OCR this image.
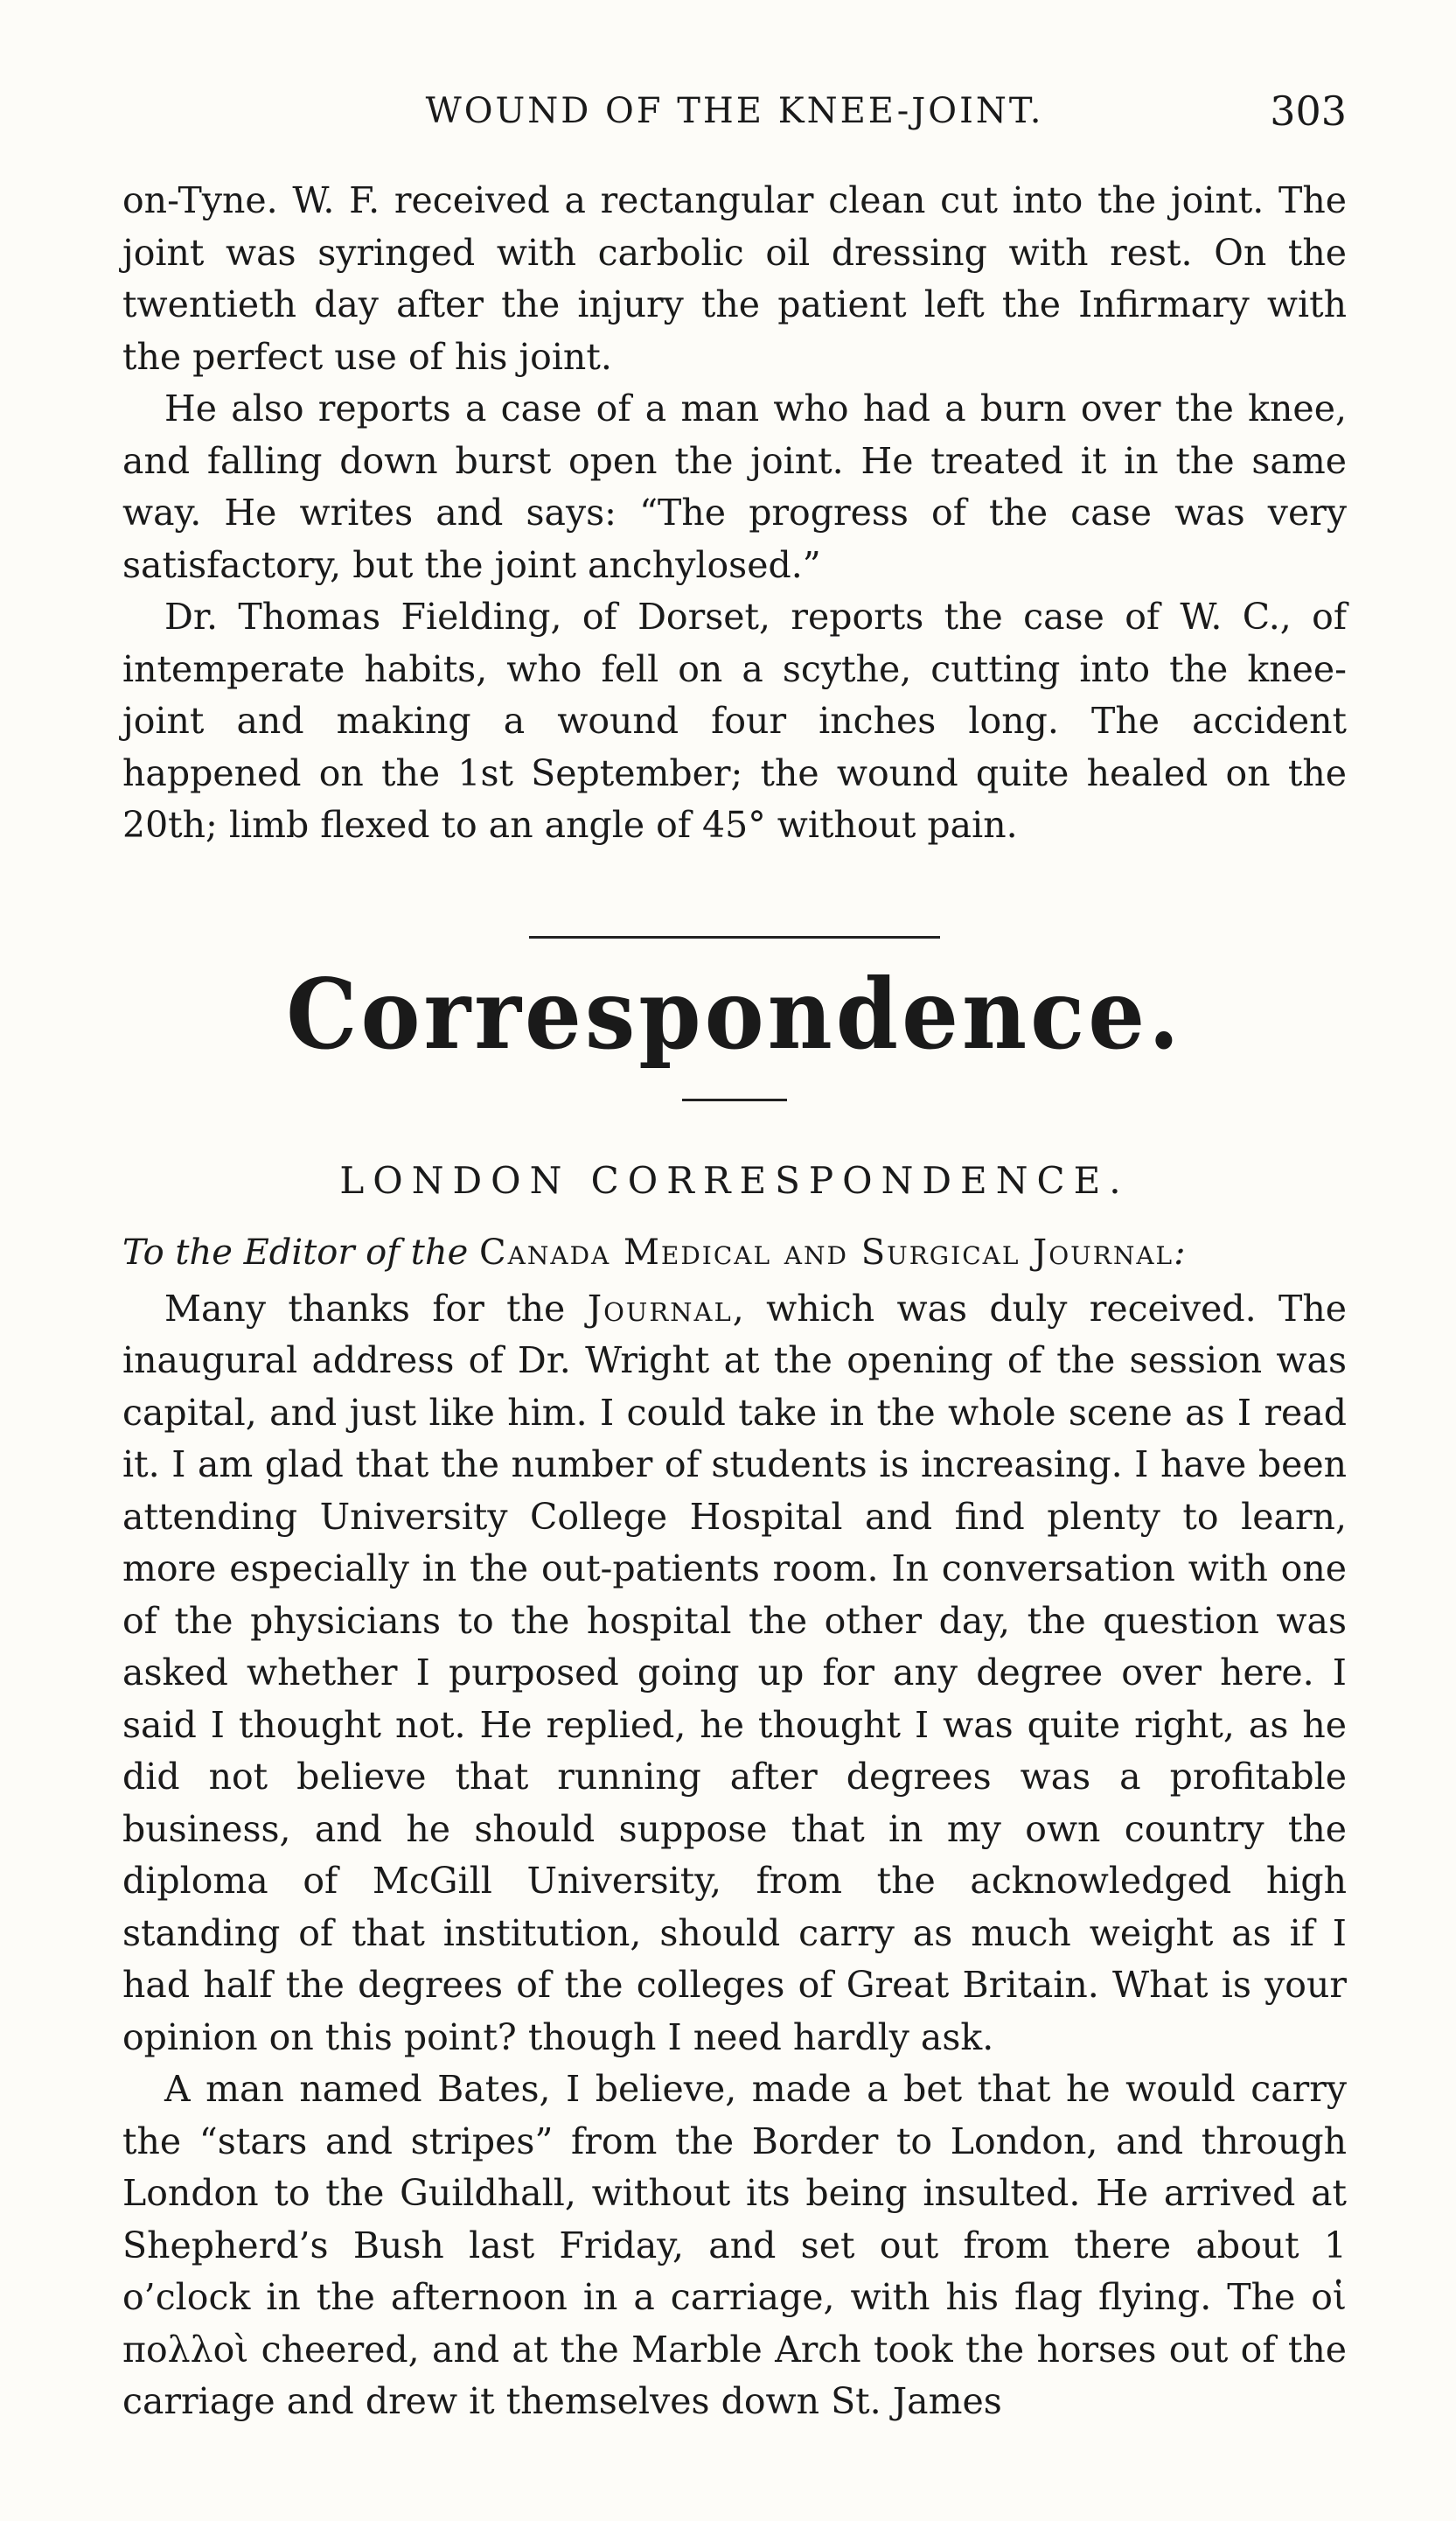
WOUND OF THE KNEE-JOINT.	303

on-Tyne. W. F. received a rectangular clean cut into the joint. The joint was syringed with carbolic oil dressing with rest. On the twentieth day after the injury the patient left the Infirmary with the perfect use of his joint.

He also reports a case of a man who had a burn over the knee, and falling down burst open the joint. He treated it in the same way. He writes and says: “The progress of the case was very satisfactory, but the joint anchylosed.”

Dr. Thomas Fielding, of Dorset, reports the case of W. C., of intemperate habits, who fell on a scythe, cutting into the knee-joint and making a wound four inches long. The accident happened on the 1st September; the wound quite healed on the 20th; limb flexed to an angle of 45° without pain.

Correspondence.
LONDON CORRESPONDENCE.
To the Editor of the Canada Medical and Surgical Journal:

Many thanks for the Journal, which was duly received. The inaugural address of Dr. Wright at the opening of the session was capital, and just like him. I could take in the whole scene as I read it. I am glad that the number of students is increasing. I have been attending University College Hospital and find plenty to learn, more especially in the out-patients room. In conversation with one of the physicians to the hospital the other day, the question was asked whether I purposed going up for any degree over here. I said I thought not. He replied, he thought I was quite right, as he did not believe that running after degrees was a profitable business, and he should suppose that in my own country the diploma of McGill University, from the acknowledged high standing of that institution, should carry as much weight as if I had half the degrees of the colleges of Great Britain. What is your opinion on this point? though I need hardly ask.

A man named Bates, I believe, made a bet that he would carry the “stars and stripes” from the Border to London, and through London to the Guildhall, without its being insulted. He arrived at Shepherd’s Bush last Friday, and set out from there about 1 o’clock in the afternoon in a carriage, with his flag flying. The οἱ πολλοὶ cheered, and at the Marble Arch took the horses out of the carriage and drew it themselves down St. James
